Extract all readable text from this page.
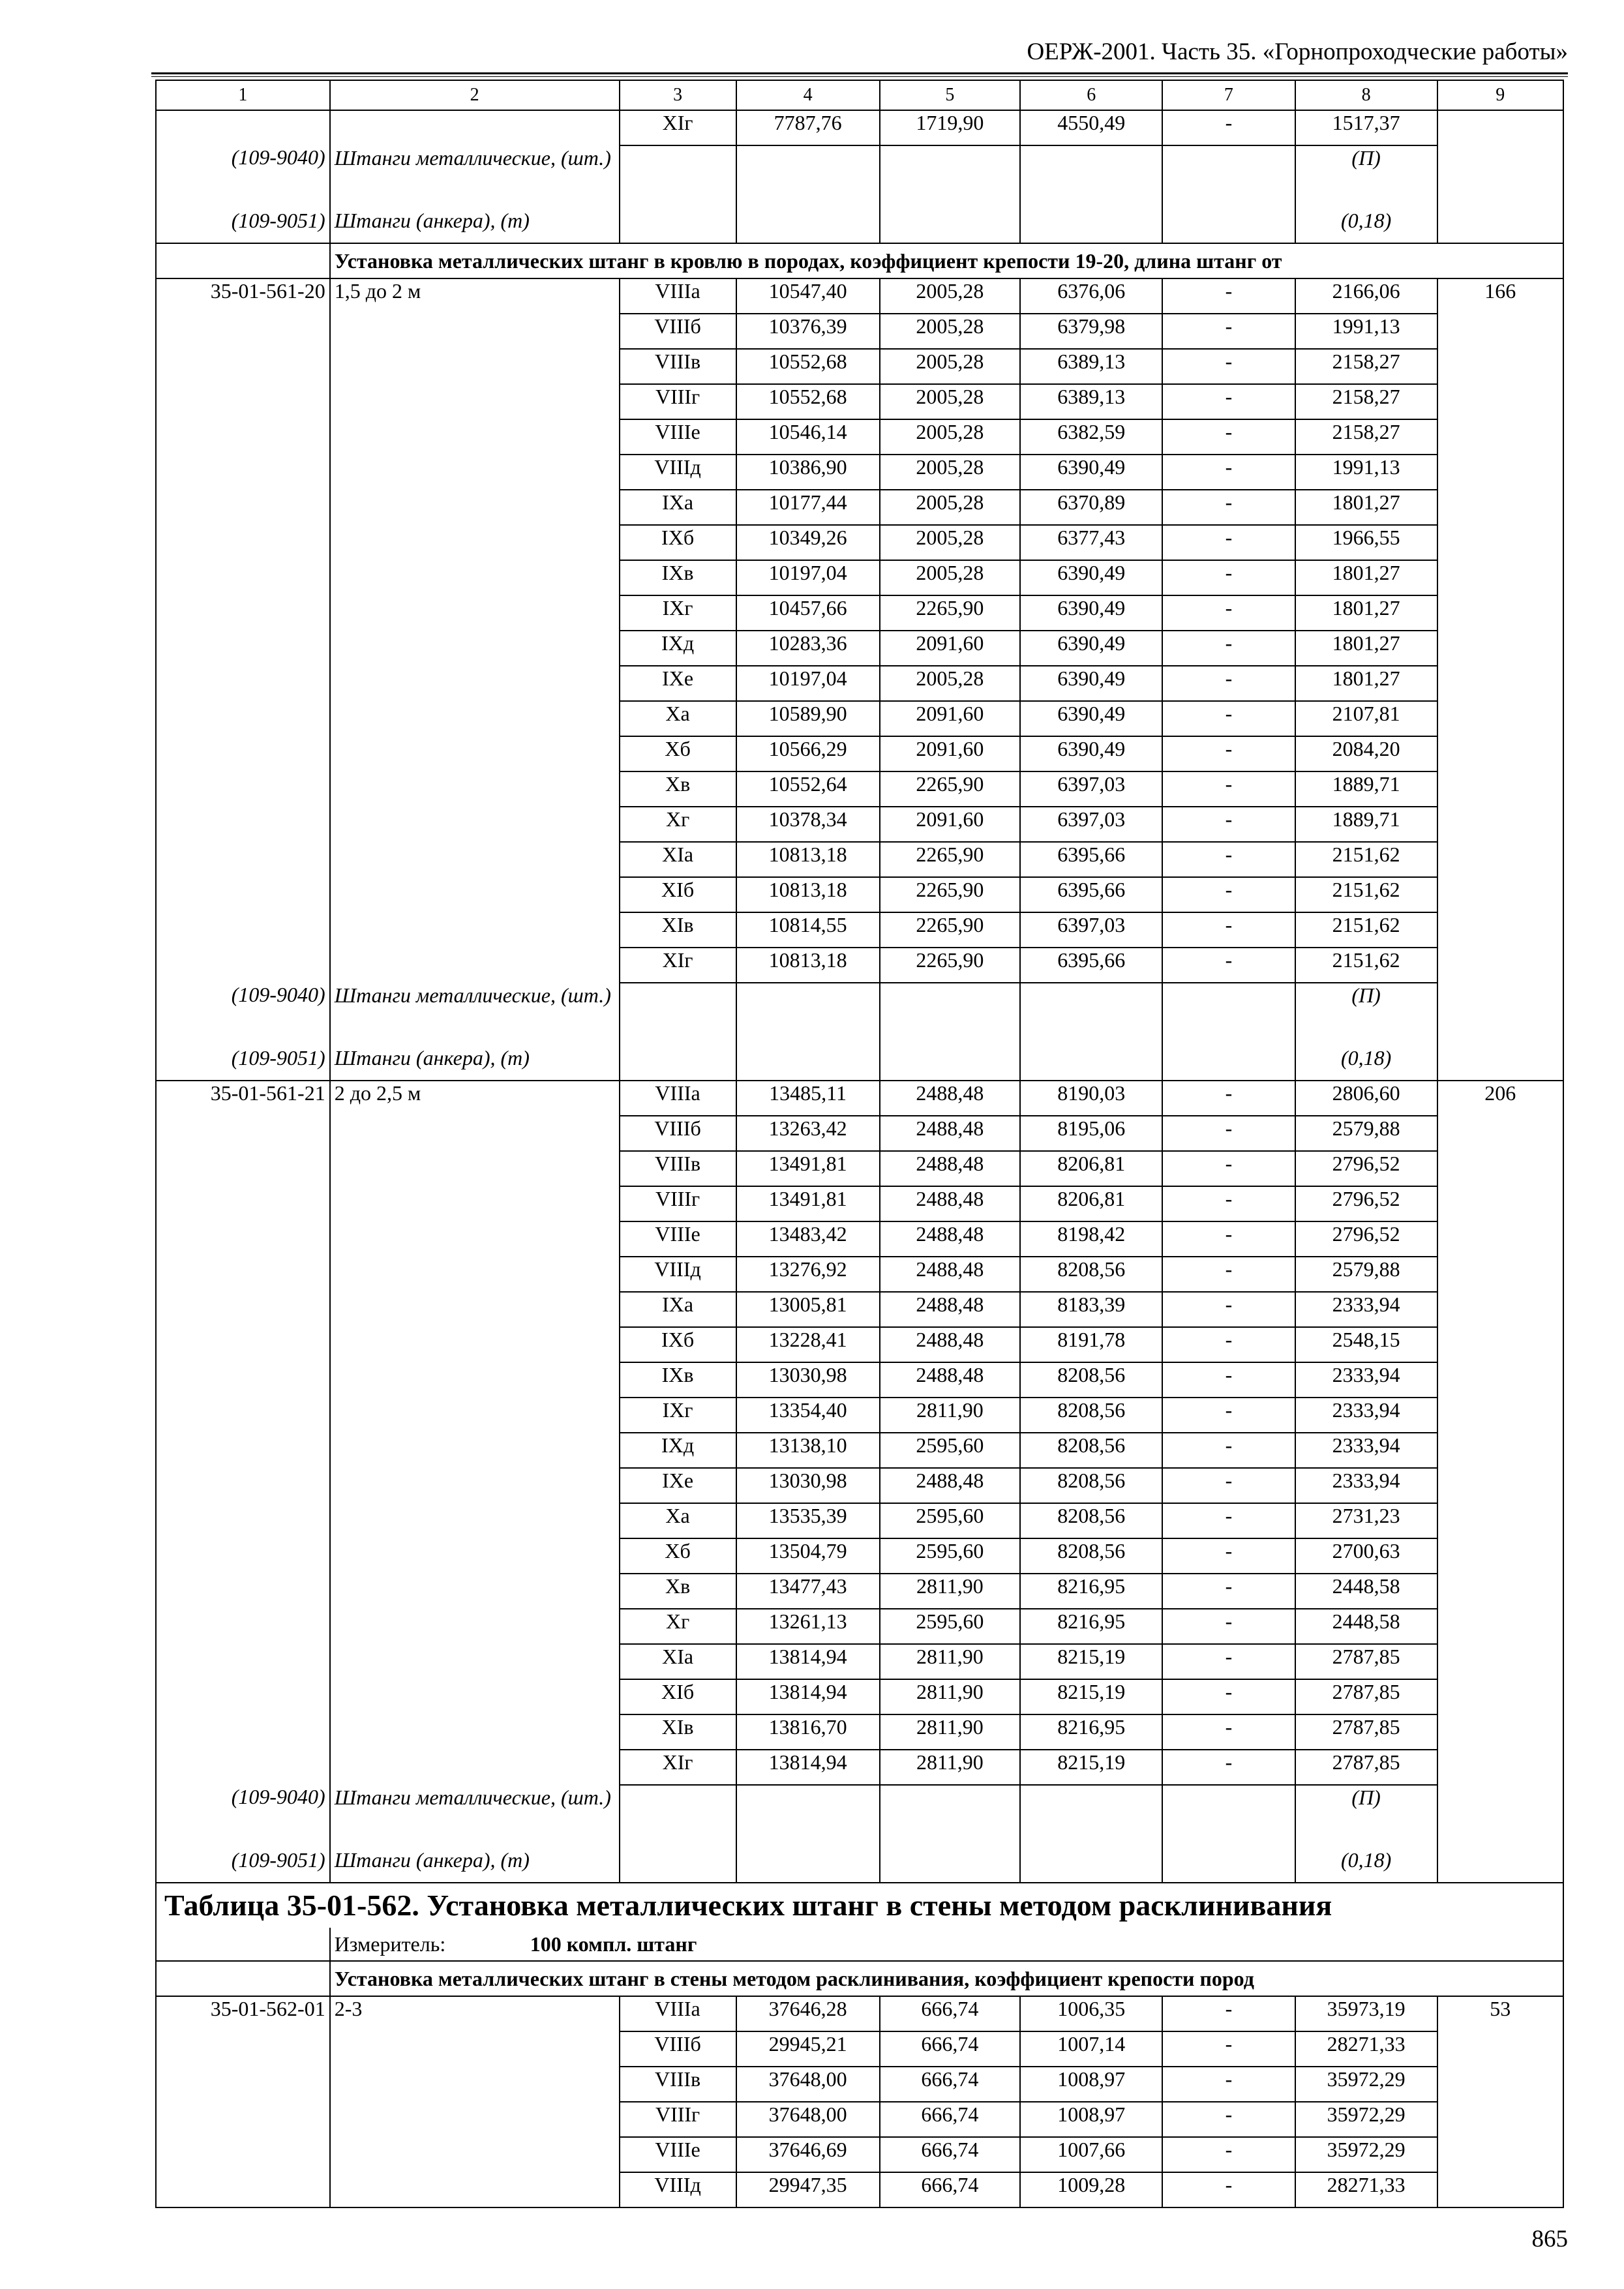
ОЕРЖ-2001. Часть 35. «Горнопроходческие работы»
1	2	3	4	5	6	7	8	9
		XIг	7787,76	1719,90	4550,49	-	1517,37	
(109-9040)	Штанги металлические, (шт.)						(П)	
(109-9051)	Штанги (анкера), (т)						(0,18)	
	Установка металлических штанг в кровлю в породах, коэффициент крепости 19-20, длина штанг от							
35-01-561-20	1,5 до 2 м	VIIIа	10547,40	2005,28	6376,06	-	2166,06	166
		VIIIб	10376,39	2005,28	6379,98	-	1991,13	
		VIIIв	10552,68	2005,28	6389,13	-	2158,27	
		VIIIг	10552,68	2005,28	6389,13	-	2158,27	
		VIIIе	10546,14	2005,28	6382,59	-	2158,27	
		VIIIд	10386,90	2005,28	6390,49	-	1991,13	
		IXа	10177,44	2005,28	6370,89	-	1801,27	
		IXб	10349,26	2005,28	6377,43	-	1966,55	
		IXв	10197,04	2005,28	6390,49	-	1801,27	
		IXг	10457,66	2265,90	6390,49	-	1801,27	
		IXд	10283,36	2091,60	6390,49	-	1801,27	
		IXе	10197,04	2005,28	6390,49	-	1801,27	
		Xа	10589,90	2091,60	6390,49	-	2107,81	
		Xб	10566,29	2091,60	6390,49	-	2084,20	
		Xв	10552,64	2265,90	6397,03	-	1889,71	
		Xг	10378,34	2091,60	6397,03	-	1889,71	
		XIа	10813,18	2265,90	6395,66	-	2151,62	
		XIб	10813,18	2265,90	6395,66	-	2151,62	
		XIв	10814,55	2265,90	6397,03	-	2151,62	
		XIг	10813,18	2265,90	6395,66	-	2151,62	
(109-9040)	Штанги металлические, (шт.)						(П)	
(109-9051)	Штанги (анкера), (т)						(0,18)	
35-01-561-21	2 до 2,5 м	VIIIа	13485,11	2488,48	8190,03	-	2806,60	206
		VIIIб	13263,42	2488,48	8195,06	-	2579,88	
		VIIIв	13491,81	2488,48	8206,81	-	2796,52	
		VIIIг	13491,81	2488,48	8206,81	-	2796,52	
		VIIIе	13483,42	2488,48	8198,42	-	2796,52	
		VIIIд	13276,92	2488,48	8208,56	-	2579,88	
		IXа	13005,81	2488,48	8183,39	-	2333,94	
		IXб	13228,41	2488,48	8191,78	-	2548,15	
		IXв	13030,98	2488,48	8208,56	-	2333,94	
		IXг	13354,40	2811,90	8208,56	-	2333,94	
		IXд	13138,10	2595,60	8208,56	-	2333,94	
		IXе	13030,98	2488,48	8208,56	-	2333,94	
		Xа	13535,39	2595,60	8208,56	-	2731,23	
		Xб	13504,79	2595,60	8208,56	-	2700,63	
		Xв	13477,43	2811,90	8216,95	-	2448,58	
		Xг	13261,13	2595,60	8216,95	-	2448,58	
		XIа	13814,94	2811,90	8215,19	-	2787,85	
		XIб	13814,94	2811,90	8215,19	-	2787,85	
		XIв	13816,70	2811,90	8216,95	-	2787,85	
		XIг	13814,94	2811,90	8215,19	-	2787,85	
(109-9040)	Штанги металлические, (шт.)						(П)	
(109-9051)	Штанги (анкера), (т)						(0,18)	
Таблица 35-01-562. Установка металлических штанг в стены методом расклинивания								
	Измеритель: 100 компл. штанг							
	Установка металлических штанг в стены методом расклинивания, коэффициент крепости пород							
35-01-562-01	2-3	VIIIа	37646,28	666,74	1006,35	-	35973,19	53
		VIIIб	29945,21	666,74	1007,14	-	28271,33	
		VIIIв	37648,00	666,74	1008,97	-	35972,29	
		VIIIг	37648,00	666,74	1008,97	-	35972,29	
		VIIIе	37646,69	666,74	1007,66	-	35972,29	
		VIIIд	29947,35	666,74	1009,28	-	28271,33	
865
